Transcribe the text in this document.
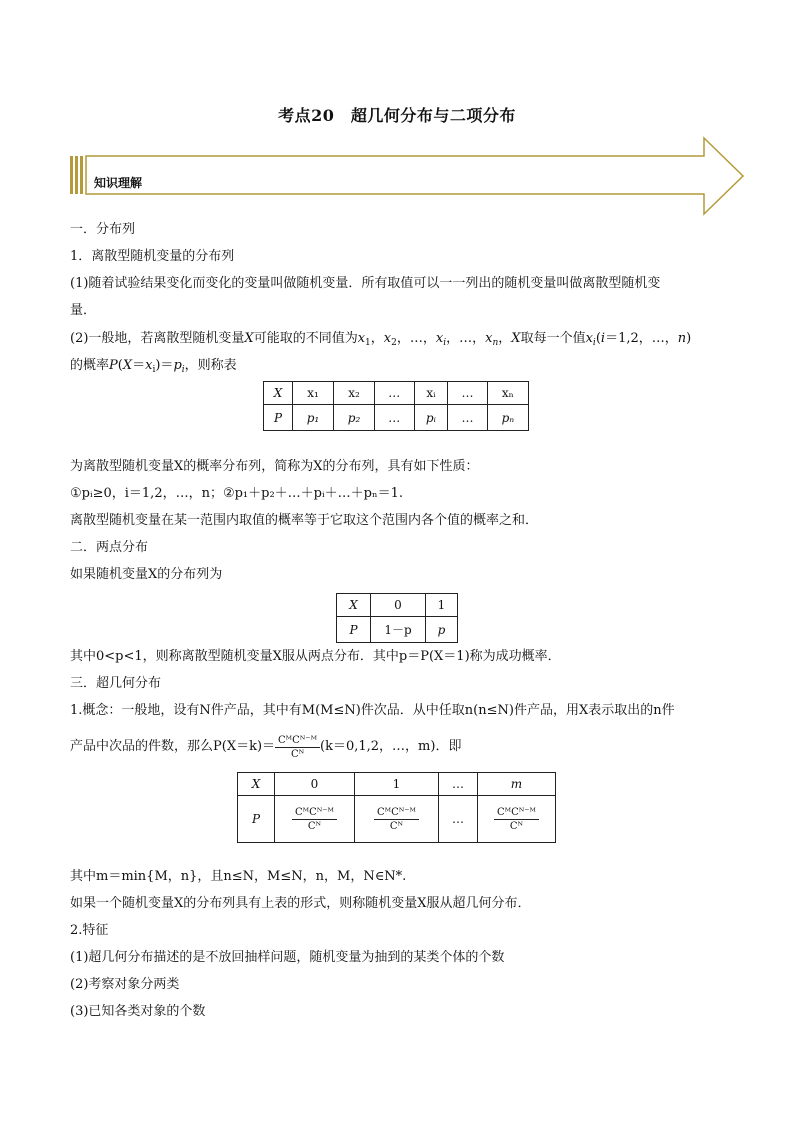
考点20　超几何分布与二项分布
知识理解
一．分布列
1．离散型随机变量的分布列
(1)随着试验结果变化而变化的变量叫做随机变量．所有取值可以一一列出的随机变量叫做离散型随机变
量．
(2)一般地，若离散型随机变量X可能取的不同值为$x_1$，$x_2$，…，$x_i$，…，$x_n$，X取每一个值$x_i(i=1,2$，…，n)
的概率$P(X=x_i)=p_i$，则称表
X	x₁	x₂	…	xᵢ	…	xₙ
P	p₁	p₂	…	pᵢ	…	pₙ
为离散型随机变量X的概率分布列，简称为X的分布列，具有如下性质：
①pᵢ≥0，i＝1,2，…，n；②p₁＋p₂＋…＋pᵢ＋…＋pₙ＝1.
离散型随机变量在某一范围内取值的概率等于它取这个范围内各个值的概率之和．
二．两点分布
如果随机变量X的分布列为
X	0	1
P	1－p	p
其中0<p<1，则称离散型随机变量X服从两点分布．其中p＝P(X＝1)称为成功概率．
三．超几何分布
1.概念：一般地，设有N件产品，其中有M(M≤N)件次品．从中任取n(n≤N)件产品，用X表示取出的n件
产品中次品的件数，那么$P(X=k)= \frac{\text{CᴹCᴺ⁻ᴹ}}{\text{Cᴺ}} (k=0,1,2$，…，m)．即
X	0	1	…	m
P	$\frac{\text{CᴹCᴺ⁻ᴹ}}{\text{Cᴺ}}$	$\frac{\text{CᴹCᴺ⁻ᴹ}}{\text{Cᴺ}}$	…	$\frac{\text{CᴹCᴺ⁻ᴹ}}{\text{Cᴺ}}$
其中m＝min{M，n}，且n≤N，M≤N，n，M，N∈N*.
如果一个随机变量X的分布列具有上表的形式，则称随机变量X服从超几何分布．
2.特征
(1)超几何分布描述的是不放回抽样问题，随机变量为抽到的某类个体的个数
(2)考察对象分两类
(3)已知各类对象的个数
